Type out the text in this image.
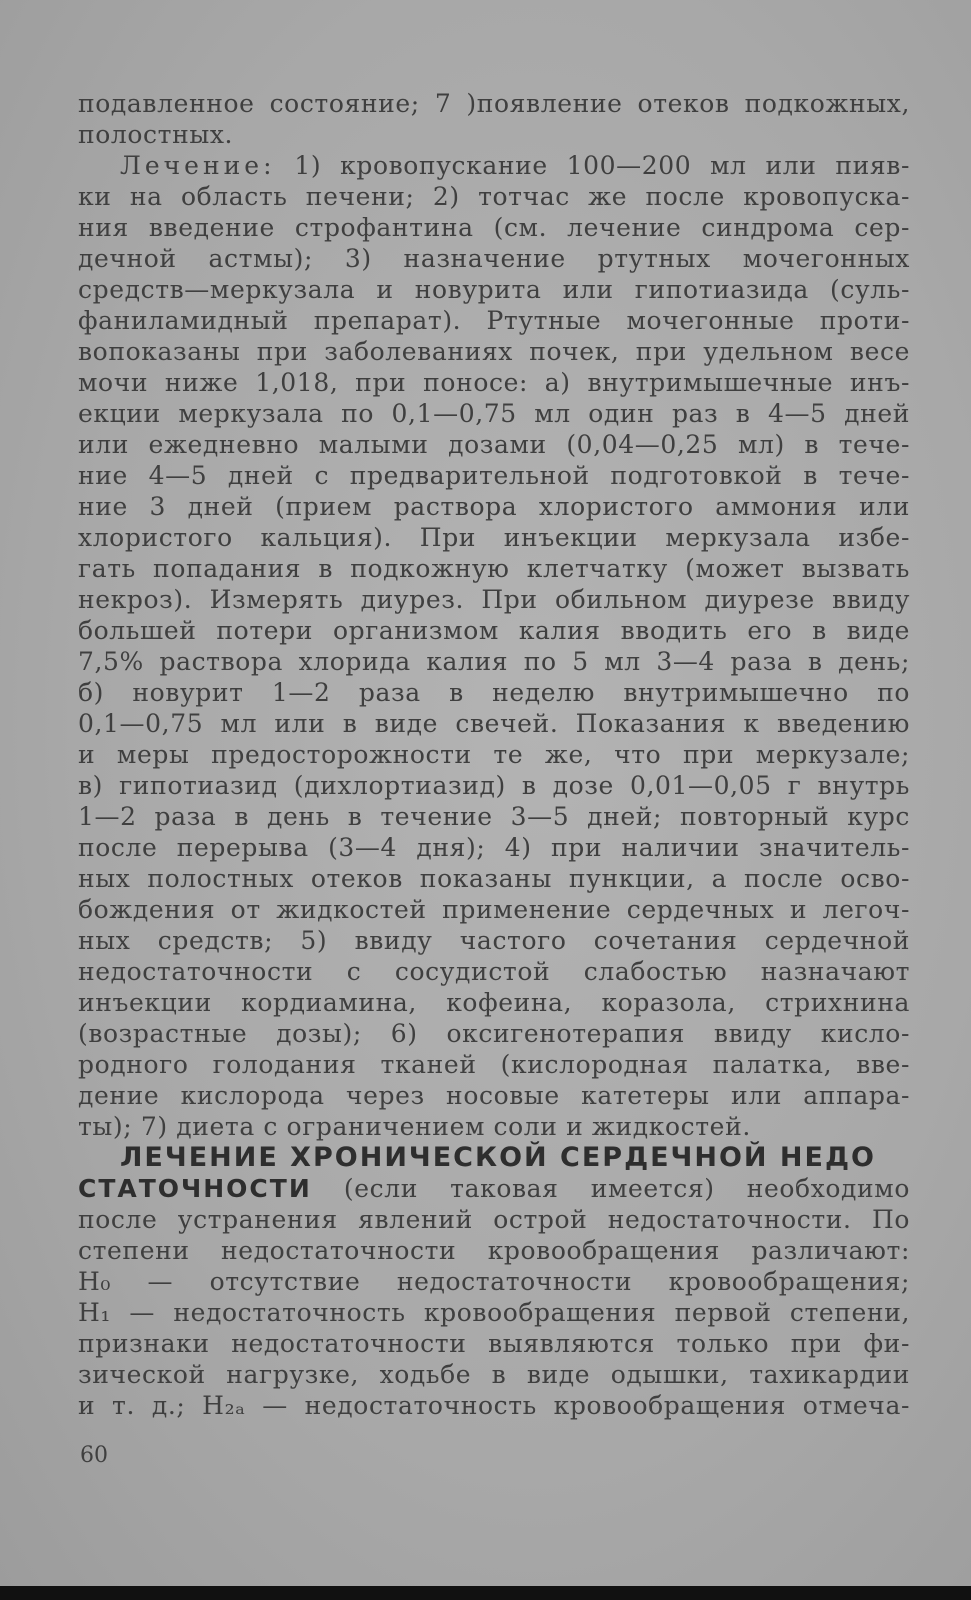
подавленное состояние; 7 )появление отеков подкожных,
полостных.
Лечение: 1) кровопускание 100—200 мл или пияв-
ки на область печени; 2) тотчас же после кровопуска-
ния введение строфантина (см. лечение синдрома сер-
дечной астмы); 3) назначение ртутных мочегонных
средств—меркузала и новурита или гипотиазида (суль-
фаниламидный препарат). Ртутные мочегонные проти-
вопоказаны при заболеваниях почек, при удельном весе
мочи ниже 1,018, при поносе: а) внутримышечные инъ-
екции меркузала по 0,1—0,75 мл один раз в 4—5 дней
или ежедневно малыми дозами (0,04—0,25 мл) в тече-
ние 4—5 дней с предварительной подготовкой в тече-
ние 3 дней (прием раствора хлористого аммония или
хлористого кальция). При инъекции меркузала избе-
гать попадания в подкожную клетчатку (может вызвать
некроз). Измерять диурез. При обильном диурезе ввиду
большей потери организмом калия вводить его в виде
7,5% раствора хлорида калия по 5 мл 3—4 раза в день;
б) новурит 1—2 раза в неделю внутримышечно по
0,1—0,75 мл или в виде свечей. Показания к введению
и меры предосторожности те же, что при меркузале;
в) гипотиазид (дихлортиазид) в дозе 0,01—0,05 г внутрь
1—2 раза в день в течение 3—5 дней; повторный курс
после перерыва (3—4 дня); 4) при наличии значитель-
ных полостных отеков показаны пункции, а после осво-
бождения от жидкостей применение сердечных и легоч-
ных средств; 5) ввиду частого сочетания сердечной
недостаточности с сосудистой слабостью назначают
инъекции кордиамина, кофеина, коразола, стрихнина
(возрастные дозы); 6) оксигенотерапия ввиду кисло-
родного голодания тканей (кислородная палатка, вве-
дение кислорода через носовые катетеры или аппара-
ты); 7) диета с ограничением соли и жидкостей.
ЛЕЧЕНИЕ ХРОНИЧЕСКОЙ СЕРДЕЧНОЙ НЕДО
СТАТОЧНОСТИ (если таковая имеется) необходимо
после устранения явлений острой недостаточности. По
степени недостаточности кровообращения различают:
H₀ — отсутствие недостаточности кровообращения;
H₁ — недостаточность кровообращения первой степени,
признаки недостаточности выявляются только при фи-
зической нагрузке, ходьбе в виде одышки, тахикардии
и т. д.; H₂ₐ — недостаточность кровообращения отмеча-
60
